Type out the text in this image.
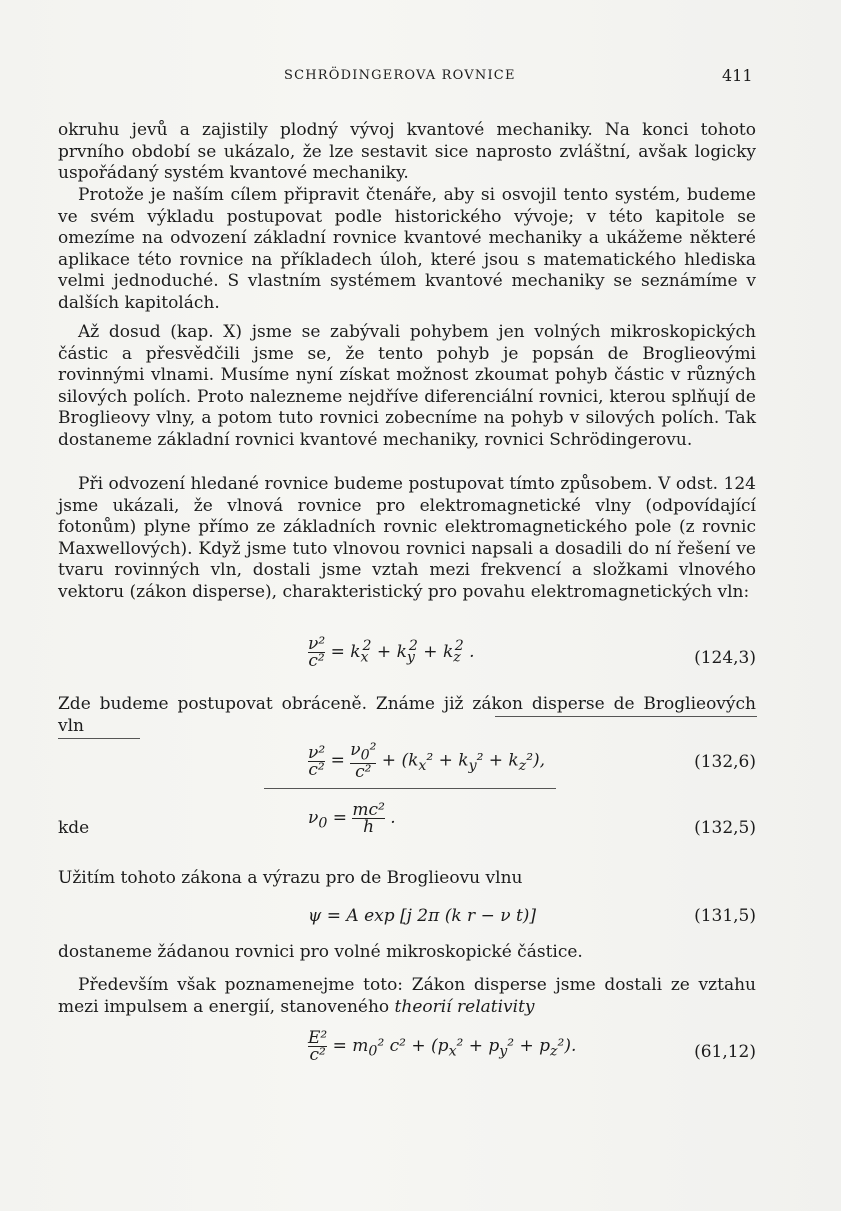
SCHRÖDINGEROVA ROVNICE	411

okruhu jevů a zajistily plodný vývoj kvantové mechaniky. Na konci tohoto prvního období se ukázalo, že lze sestavit sice naprosto zvláštní, avšak logicky uspořádaný systém kvantové mechaniky.

Protože je naším cílem připravit čtenáře, aby si osvojil tento systém, budeme ve svém výkladu postupovat podle historického vývoje; v této kapitole se omezíme na odvození základní rovnice kvantové mechaniky a ukážeme některé aplikace této rovnice na příkladech úloh, které jsou s matematického hlediska velmi jednoduché. S vlastním systémem kvantové mechaniky se seznámíme v dalších kapitolách.

Až dosud (kap. X) jsme se zabývali pohybem jen volných mikroskopických částic a přesvědčili jsme se, že tento pohyb je popsán de Broglieovými rovinnými vlnami. Musíme nyní získat možnost zkoumat pohyb částic v různých silových polích. Proto nalezneme nejdříve diferenciální rovnici, kterou splňují de Broglieovy vlny, a potom tuto rovnici zobecníme na pohyb v silových polích. Tak dostaneme základní rovnici kvantové mechaniky, rovnici Schrödingerovu.

Při odvození hledané rovnice budeme postupovat tímto způsobem. V odst. 124 jsme ukázali, že vlnová rovnice pro elektromagnetické vlny (odpovídající fotonům) plyne přímo ze základních rovnic elektromagnetického pole (z rovnic Maxwellových). Když jsme tuto vlnovou rovnici napsali a dosadili do ní řešení ve tvaru rovinných vln, dostali jsme vztah mezi frekvencí a složkami vlnového vektoru (zákon disperse), charakteristický pro povahu elektromagnetických vln:

$\frac{\text{ν²}}{\text{c²}} = k_x^2 + k_y^2 + k_z^2$ .	(124,3)

Zde budeme postupovat obráceně. Známe již zákon disperse de Broglieových vln

$\frac{\text{ν²}}{\text{c²}} = \frac{\nu_0^2}{\text{c²}} + (k_x^2 + k_y^2 + k_z^2)$,	(132,6)
kde	$\nu_0 = \frac{\text{mc²}}{h}$ .	(132,5)

Užitím tohoto zákona a výrazu pro de Broglieovu vlnu

ψ = A exp [j 2π (k r − ν t)]	(131,5)

dostaneme žádanou rovnici pro volné mikroskopické částice.

Především však poznamenejme toto: Zákon disperse jsme dostali ze vztahu mezi impulsem a energií, stanoveného theorií relativity

$\frac{\text{E²}}{\text{c²}} = m_0^2$ $c^2 + (p_x^2 + p_y^2 + p_z^2)$.	(61,12)
